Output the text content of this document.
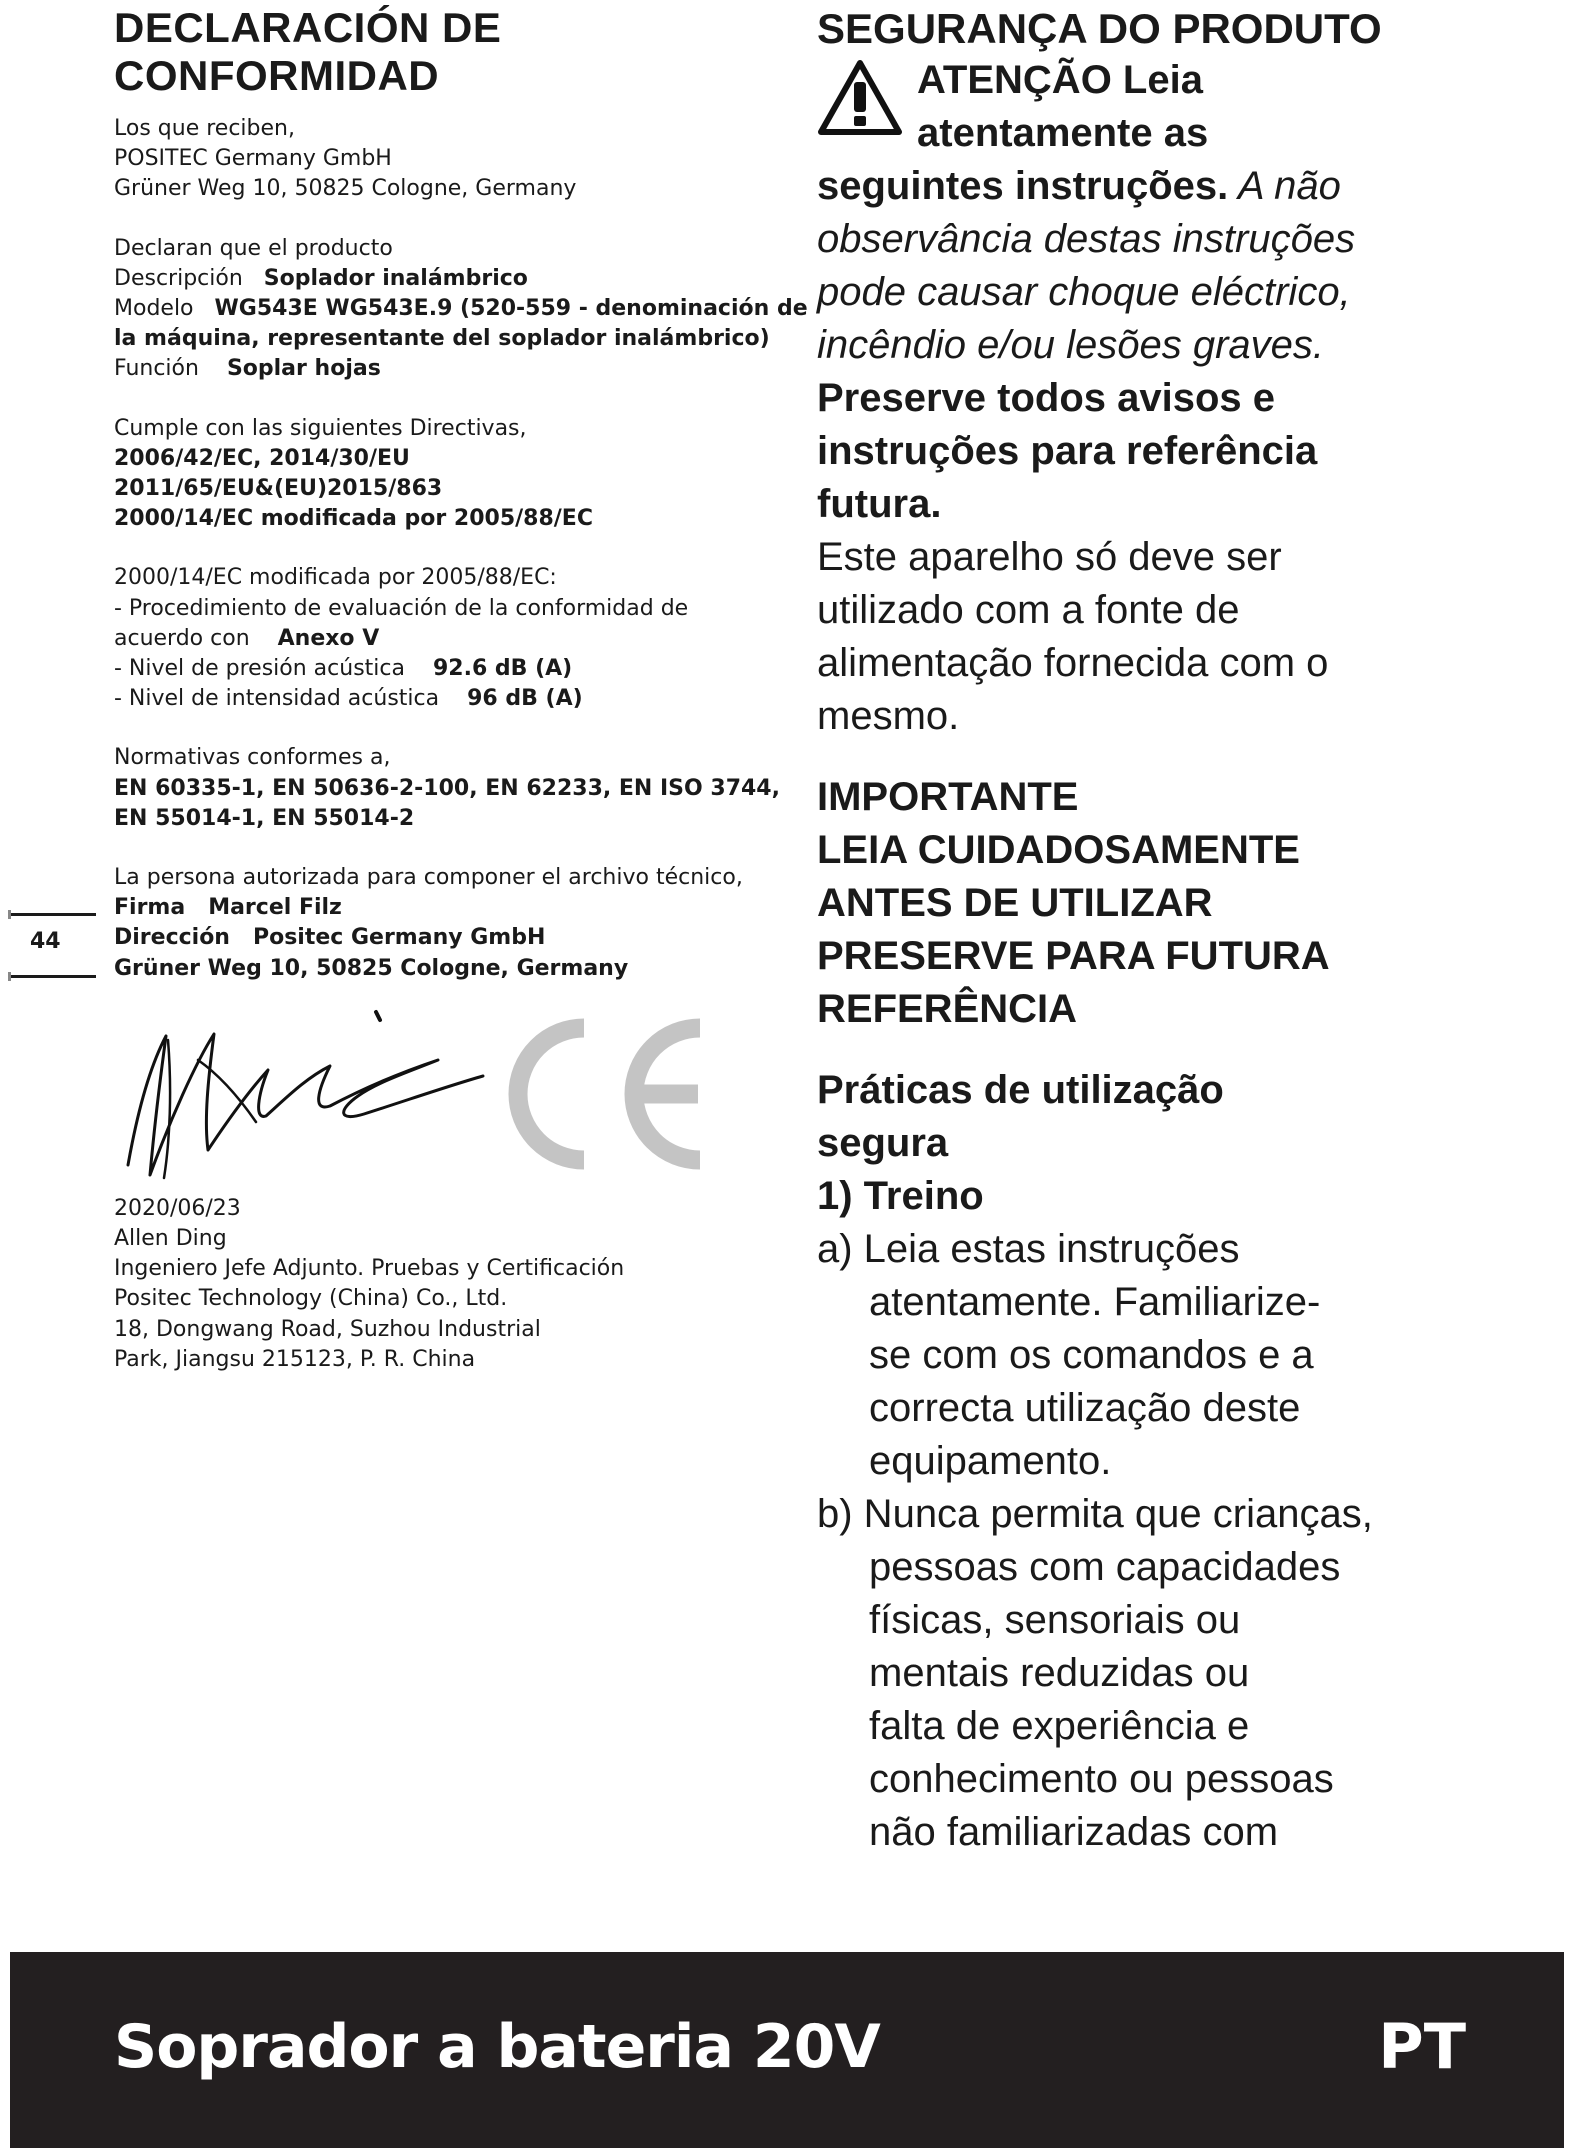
DECLARACIÓN DE
CONFORMIDAD

Los que reciben,

POSITEC Germany GmbH

Grüner Weg 10, 50825 Cologne, Germany

Declaran que el producto

Descripción Soplador inalámbrico

Modelo WG543E WG543E.9 (520-559 - denominación de

la máquina, representante del soplador inalámbrico)

Función Soplar hojas

Cumple con las siguientes Directivas,

2006/42/EC, 2014/30/EU

2011/65/EU&(EU)2015/863

2000/14/EC modificada por 2005/88/EC

2000/14/EC modificada por 2005/88/EC:

- Procedimiento de evaluación de la conformidad de

acuerdo con Anexo V

- Nivel de presión acústica 92.6 dB (A)

- Nivel de intensidad acústica 96 dB (A)

Normativas conformes a,

EN 60335-1, EN 50636-2-100, EN 62233, EN ISO 3744,

EN 55014-1, EN 55014-2

La persona autorizada para componer el archivo técnico,

Firma Marcel Filz

Dirección Positec Germany GmbH

Grüner Weg 10, 50825 Cologne, Germany

2020/06/23

Allen Ding

Ingeniero Jefe Adjunto. Pruebas y Certificación

Positec Technology (China) Co., Ltd.

18, Dongwang Road, Suzhou Industrial

Park, Jiangsu 215123, P. R. China

44
SEGURANÇA DO PRODUTO

ATENÇÃO Leia

atentamente as

seguintes instruções. A não

observância destas instruções

pode causar choque eléctrico,

incêndio e/ou lesões graves.

Preserve todos avisos e

instruções para referência

futura.

Este aparelho só deve ser

utilizado com a fonte de

alimentação fornecida com o

mesmo.

IMPORTANTE

LEIA CUIDADOSAMENTE

ANTES DE UTILIZAR

PRESERVE PARA FUTURA

REFERÊNCIA

Práticas de utilização

segura

1) Treino

a) Leia estas instruções

atentamente. Familiarize-

se com os comandos e a

correcta utilização deste

equipamento.

b) Nunca permita que crianças,

pessoas com capacidades

físicas, sensoriais ou

mentais reduzidas ou

falta de experiência e

conhecimento ou pessoas

não familiarizadas com

Soprador a bateria 20V	PT
